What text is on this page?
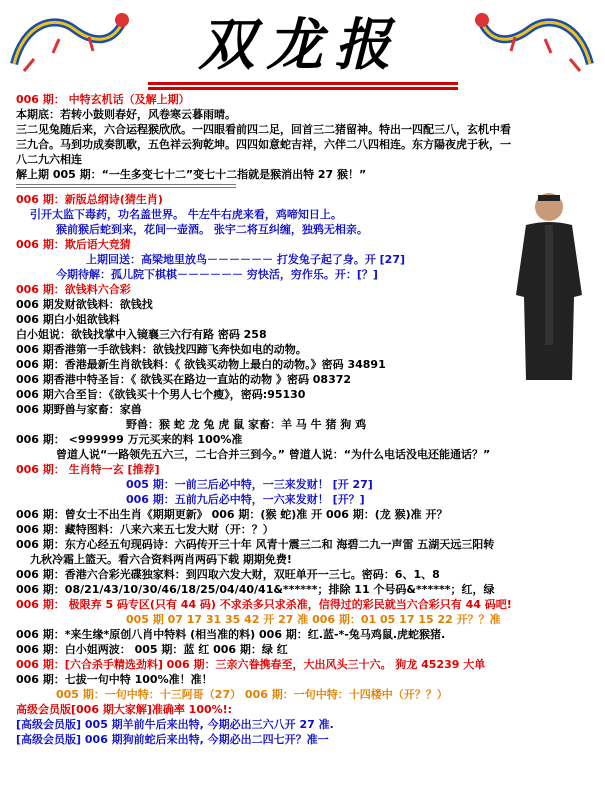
双龙报
006 期： 中特玄机话（及解上期）
本期底：若转小鼓则春好，风卷寒云暮雨晴。
三二见兔随后来，六合运程猴欣欣。一四眼看前四二足，回首三二猪留神。特出一四配三八，玄机中看
三九合。马到功成奏凯歌，五色祥云狗乾坤。四四如意蛇吉祥，六伴二八四相连。东方陽夜虎于秋，一
八二九六相连
解上期 005 期：“一生多变七十二”变七十二指就是猴消出特 27 猴！”
006 期：新版总纲诗(猜生肖)
引开太监下毒药，功名盖世界。 牛左牛右虎来看，鸡啼知日上。
猴前猴后蛇到来，花间一壶酒。 张宇二将互纠缠，独鸦无相亲。
006 期：欺后语大竞猜
上期回送：高梁地里放鸟－－－－－－ 打发兔子起了身。开 [27]
今期待解：孤儿院下棋棋－－－－－－ 穷快活，穷作乐。开：[？]
006 期：欲钱料六合彩
006 期发财欲钱料：欲钱找
006 期白小姐欲钱料
白小姐说：欲钱找掌中入镜襄三六行有路 密码 258
006 期香港第一手欲钱料：欲钱找四蹄飞奔快如电的动物。
006 期：香港最新生肖欲钱料：《 欲钱买动物上最白的动物。》密码 34891
006 期香港中特圣旨：《 欲钱买在路边一直站的动物 》密码 08372
006 期六合至旨：《欲钱买十个男人七个瘦》，密码:95130
006 期野兽与家畜：家兽
野兽：猴 蛇 龙 兔 虎 鼠 家畜：羊 马 牛 猪 狗 鸡
006 期： <999999 万元买来的料 100%准
曾道人说“一路领先五六三，二七合并三到今。” 曾道人说：“为什么电话没电还能通话？”
006 期： 生肖特一玄 [推荐]
005 期：一前三后必中特，一三来发财！ [开 27]
006 期：五前九后必中特，一六来发财！ [开？]
006 期：曾女士不出生肖《期期更新》 006 期：(猴 蛇)准 开 006 期：(龙 猴)准 开？
006 期：藏特图料：八来六来五七发大财（开：？）
006 期：东方心经五句现码诗：六码传开三十年 风青十震三二和 海碧二九一声雷 五湖天远三阳转
九秋冷霜上篮天。看六合资料两肖两码下载 期期免费!
006 期：香港六合彩光碟独家料：到四取六发大财，双旺单开一三七。密码：6、1、8
006 期：08/21/43/10/30/46/18/25/04/40/41&******；排除 11 个号码&******；红，绿
006 期： 极限弃 5 码专区(只有 44 码) 不求杀多只求杀准，信得过的彩民就当六合彩只有 44 码吧!
005 期 07 17 31 35 42 开 27 准 006 期：01 05 17 15 22 开？？准
006 期：*来生缘*原创八肖中特料 (相当准的料) 006 期：红.蓝-*-兔马鸡鼠.虎蛇猴猪.
006 期：白小姐两波： 005 期：蓝 红 006 期：绿 红
006 期：[六合杀手精选劲料] 006 期：三亲六眷携春至，大出风头三十六。 狗龙 45239 大单
006 期：七拔一句中特 100%准！准！
005 期：一句中特：十三阿哥（27） 006 期：一句中特：十四楼中（开？？）
高级会员版[006 期大家解]准确率 100%!:
[高级会员版] 005 期羊前牛后来出特, 今期必出三六八开 27 准.
[高级会员版] 006 期狗前蛇后来出特, 今期必出二四七开？准一
